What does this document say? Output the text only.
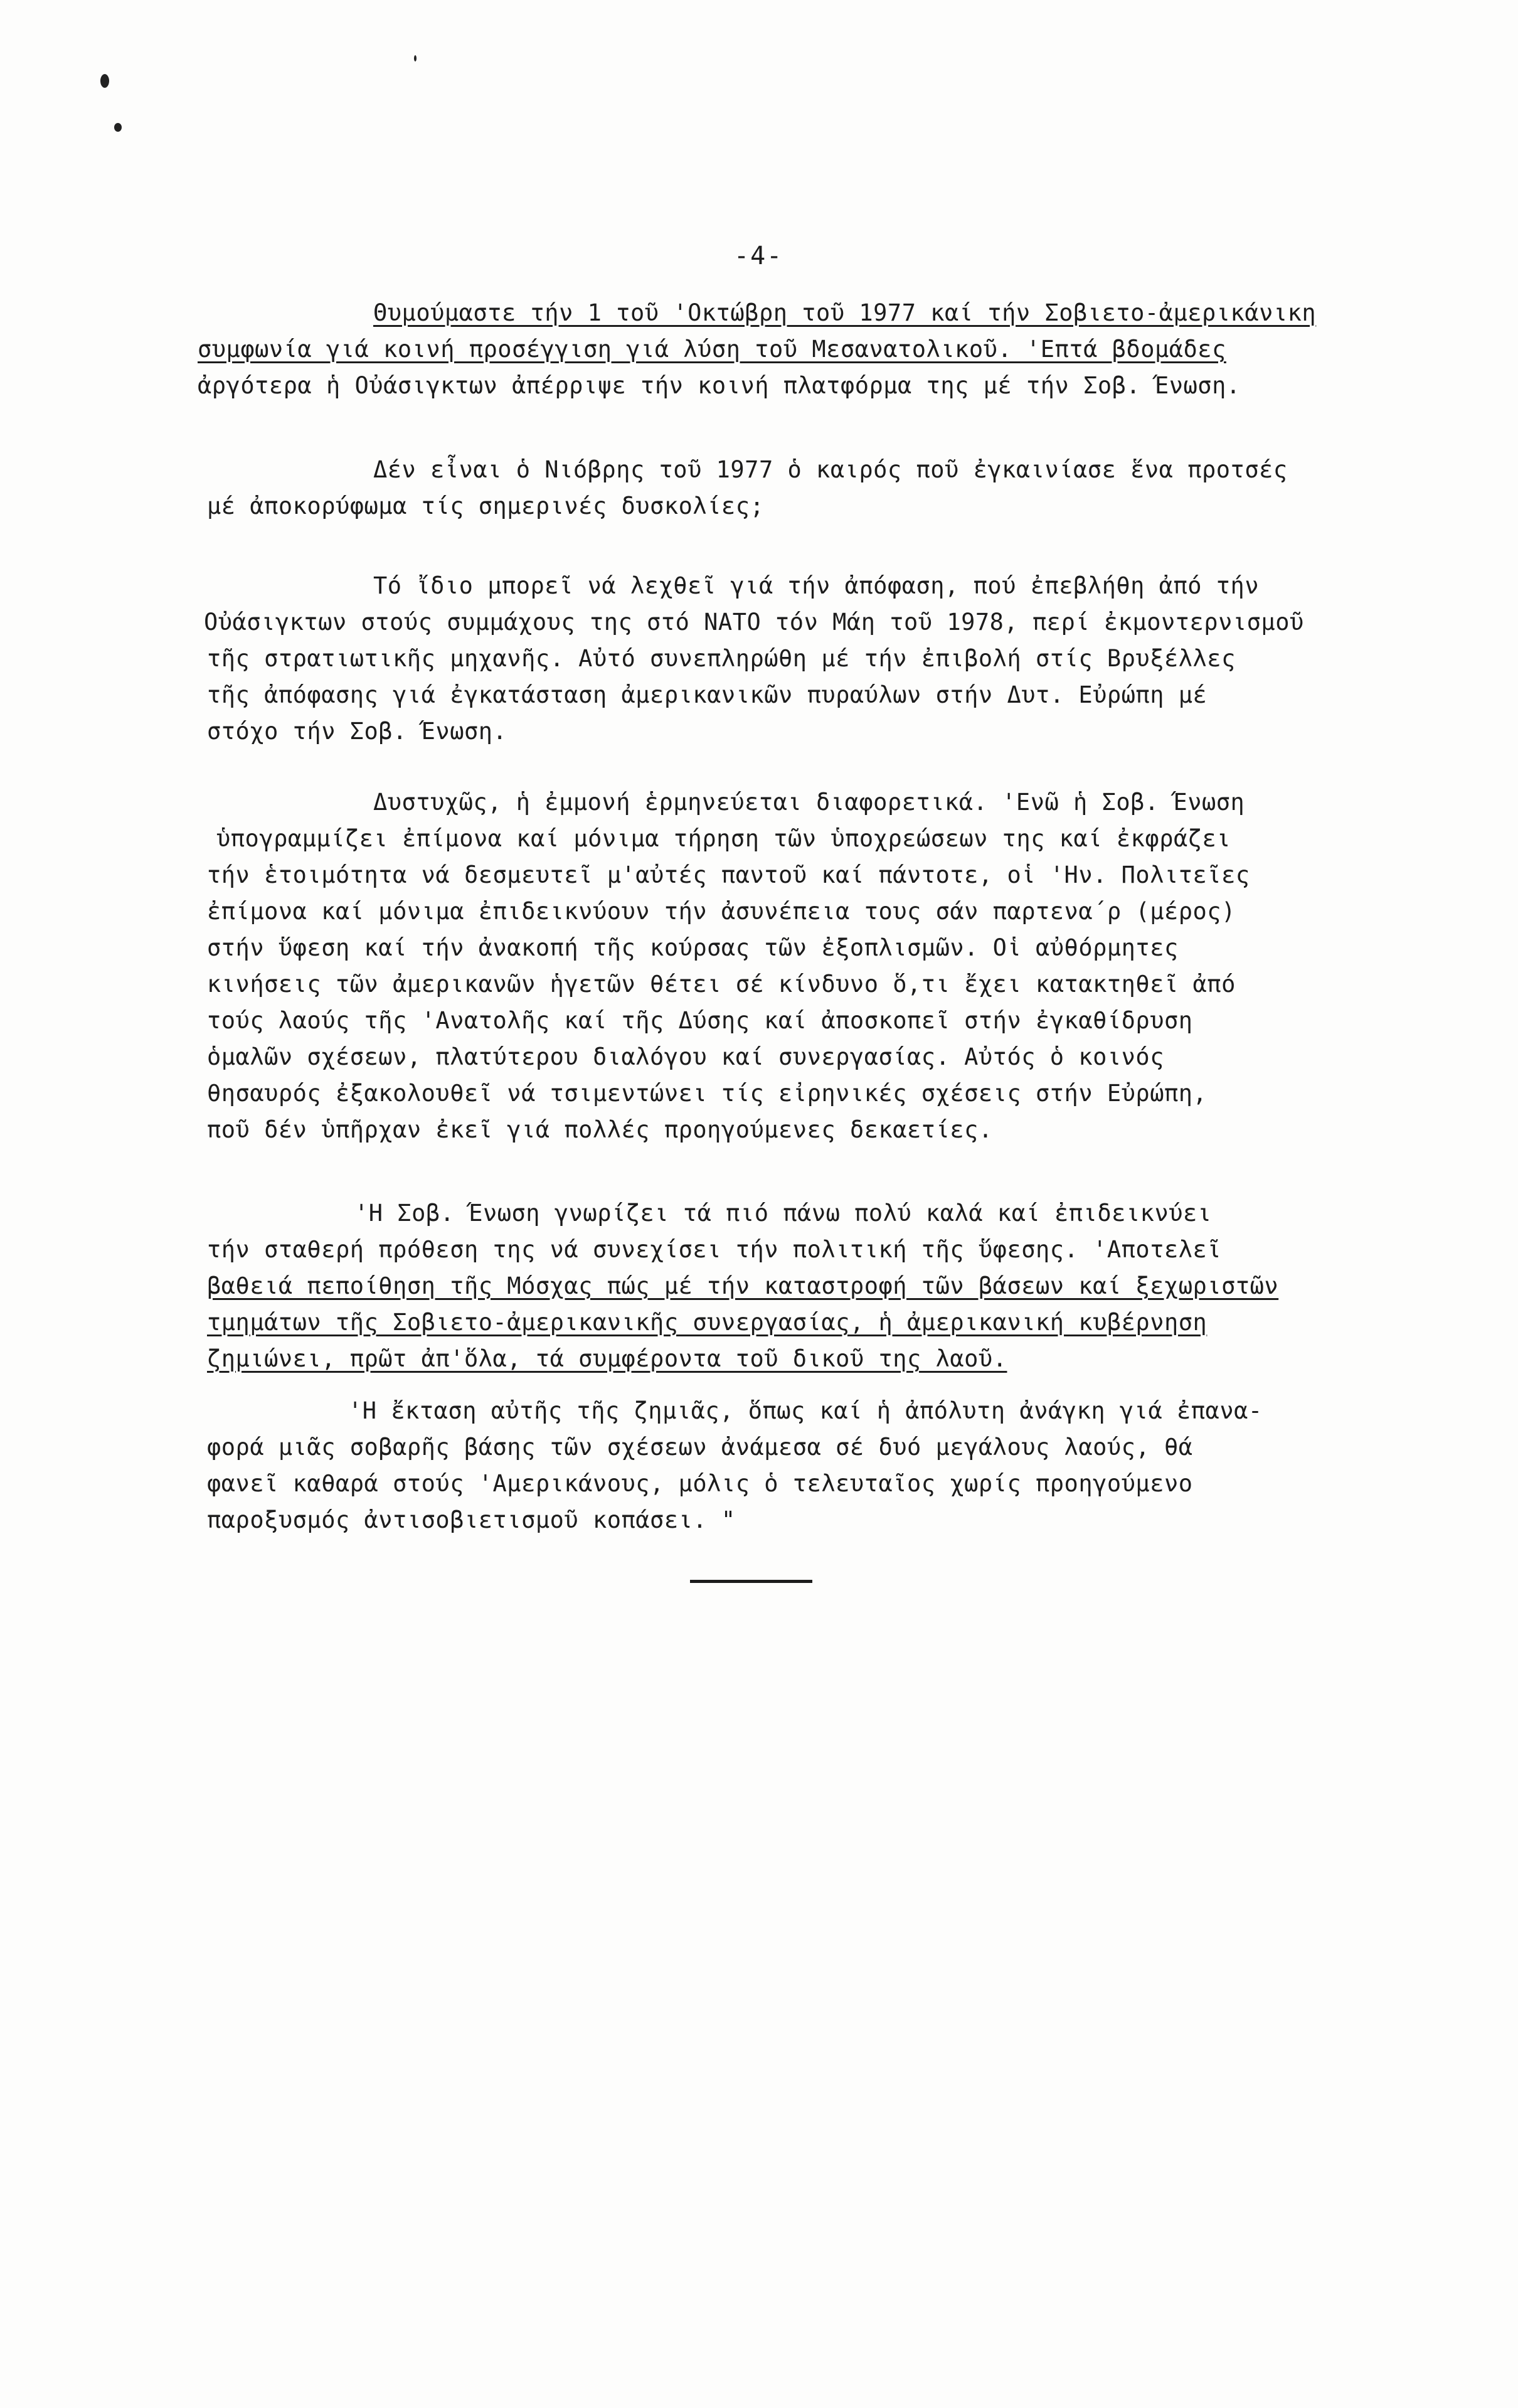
-4-
Θυμούμαστε τήν 1 τοῦ 'Οκτώβρη τοῦ 1977 καί τήν Σοβιετο-ἀμερικάνικη
συμφωνία γιά κοινή προσέγγιση γιά λύση τοῦ Μεσανατολικοῦ. 'Επτά βδομάδες
ἀργότερα ἡ Οὐάσιγκτων ἀπέρριψε τήν κοινή πλατφόρμα της μέ τήν Σοβ. Ένωση.
Δέν εἶναι ὁ Νιόβρης τοῦ 1977 ὁ καιρός ποῦ ἐγκαινίασε ἕνα προτσές
μέ ἀποκορύφωμα τίς σημερινές δυσκολίες;
Τό ἴδιο μπορεῖ νά λεχθεῖ γιά τήν ἀπόφαση, πού ἐπεβλήθη ἀπό τήν
Οὐάσιγκτων στούς συμμάχους της στό ΝΑΤΟ τόν Μάη τοῦ 1978, περί ἐκμοντερνισμοῦ
τῆς στρατιωτικῆς μηχανῆς. Αὐτό συνεπληρώθη μέ τήν ἐπιβολή στίς Βρυξέλλες
τῆς ἀπόφασης γιά ἐγκατάσταση ἀμερικανικῶν πυραύλων στήν Δυτ. Εὐρώπη μέ
στόχο τήν Σοβ. Ένωση.
Δυστυχῶς, ἡ ἐμμονή ἑρμηνεύεται διαφορετικά. 'Ενῶ ἡ Σοβ. Ένωση
ὑπογραμμίζει ἐπίμονα καί μόνιμα τήρηση τῶν ὑποχρεώσεων της καί ἐκφράζει
τήν ἑτοιμότητα νά δεσμευτεῖ μ'αὐτές παντοῦ καί πάντοτε, οἱ 'Ην. Πολιτεῖες
ἐπίμονα καί μόνιμα ἐπιδεικνύουν τήν ἀσυνέπεια τους σάν παρτενα΄ρ (μέρος)
στήν ὕφεση καί τήν ἀνακοπή τῆς κούρσας τῶν ἐξοπλισμῶν. Οἱ αὐθόρμητες
κινήσεις τῶν ἀμερικανῶν ἡγετῶν θέτει σέ κίνδυνο ὅ,τι ἔχει κατακτηθεῖ ἀπό
τούς λαούς τῆς 'Ανατολῆς καί τῆς Δύσης καί ἀποσκοπεῖ στήν ἐγκαθίδρυση
ὁμαλῶν σχέσεων, πλατύτερου διαλόγου καί συνεργασίας. Αὐτός ὁ κοινός
θησαυρός ἐξακολουθεῖ νά τσιμεντώνει τίς εἰρηνικές σχέσεις στήν Εὐρώπη,
ποῦ δέν ὑπῆρχαν ἐκεῖ γιά πολλές προηγούμενες δεκαετίες.
'Η Σοβ. Ένωση γνωρίζει τά πιό πάνω πολύ καλά καί ἐπιδεικνύει
τήν σταθερή πρόθεση της νά συνεχίσει τήν πολιτική τῆς ὕφεσης. 'Αποτελεῖ
βαθειά πεποίθηση τῆς Μόσχας πώς μέ τήν καταστροφή τῶν βάσεων καί ξεχωριστῶν
τμημάτων τῆς Σοβιετο-ἀμερικανικῆς συνεργασίας, ἡ ἀμερικανική κυβέρνηση
ζημιώνει, πρῶτ ἀπ'ὅλα, τά συμφέροντα τοῦ δικοῦ της λαοῦ.
'Η ἔκταση αὐτῆς τῆς ζημιᾶς, ὅπως καί ἡ ἀπόλυτη ἀνάγκη γιά ἐπανα-
φορά μιᾶς σοβαρῆς βάσης τῶν σχέσεων ἀνάμεσα σέ δυό μεγάλους λαούς, θά
φανεῖ καθαρά στούς 'Αμερικάνους, μόλις ὁ τελευταῖος χωρίς προηγούμενο
παροξυσμός ἀντισοβιετισμοῦ κοπάσει. "
